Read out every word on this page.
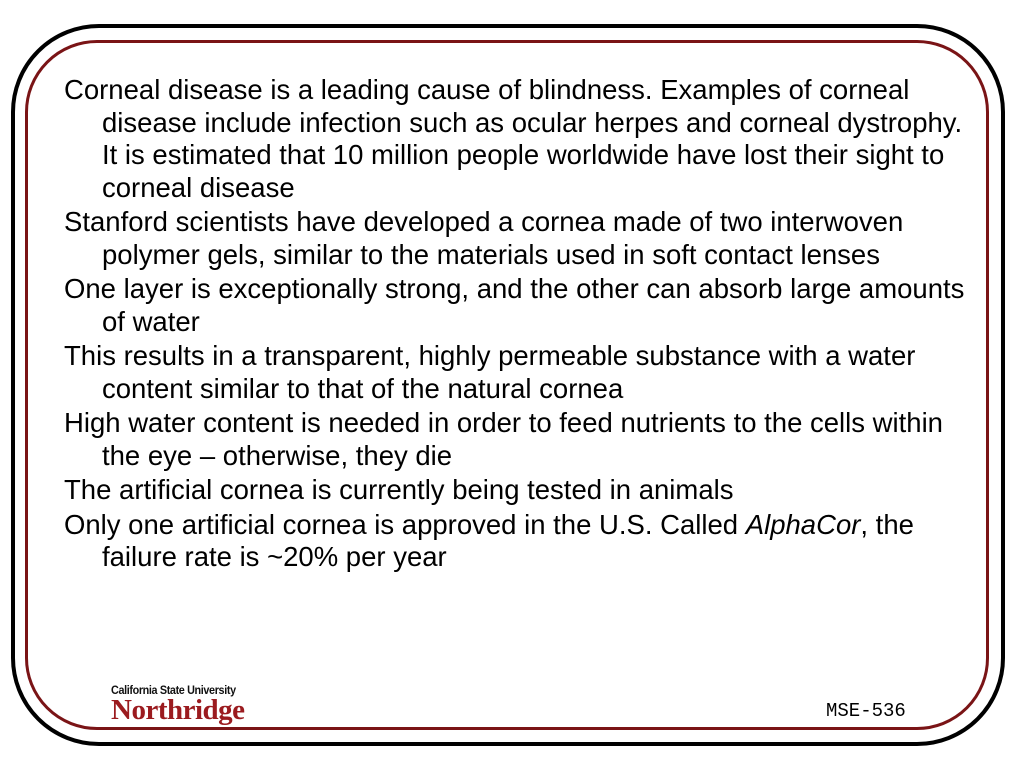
Corneal disease is a leading cause of blindness. Examples of corneal disease include infection such as ocular herpes and corneal dystrophy. It is estimated that 10 million people worldwide have lost their sight to corneal disease
Stanford scientists have developed a cornea made of two interwoven polymer gels, similar to the materials used in soft contact lenses
One layer is exceptionally strong, and the other can absorb large amounts of water
This results in a transparent, highly permeable substance with a water content similar to that of the natural cornea
High water content is needed in order to feed nutrients to the cells within the eye – otherwise, they die
The artificial cornea is currently being tested in animals
Only one artificial cornea is approved in the U.S. Called AlphaCor, the failure rate is ~20% per year
California State University
Northridge	MSE-536
